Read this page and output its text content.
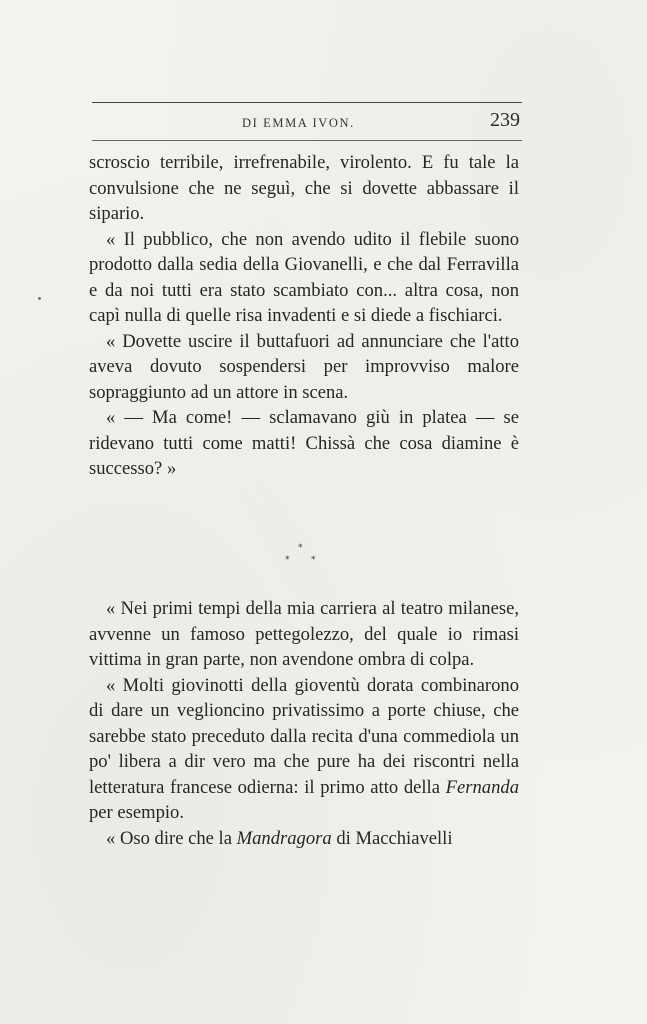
DI EMMA IVON.	239

scroscio terribile, irrefrenabile, virolento. E fu tale la convulsione che ne seguì, che si dovette abbassare il sipario.

« Il pubblico, che non avendo udito il flebile suono prodotto dalla sedia della Giovanelli, e che dal Ferravilla e da noi tutti era stato scambiato con... altra cosa, non capì nulla di quelle risa invadenti e si diede a fischiarci.

« Dovette uscire il buttafuori ad annunciare che l'atto aveva dovuto sospendersi per improvviso malore sopraggiunto ad un attore in scena.

« — Ma come! — sclamavano giù in platea — se ridevano tutti come matti! Chissà che cosa diamine è successo? »

*
* *

« Nei primi tempi della mia carriera al teatro milanese, avvenne un famoso pettegolezzo, del quale io rimasi vittima in gran parte, non avendone ombra di colpa.

« Molti giovinotti della gioventù dorata combinarono di dare un veglioncino privatissimo a porte chiuse, che sarebbe stato preceduto dalla recita d'una commediola un po' libera a dir vero ma che pure ha dei riscontri nella letteratura francese odierna: il primo atto della Fernanda per esempio.

« Oso dire che la Mandragora di Macchiavelli
